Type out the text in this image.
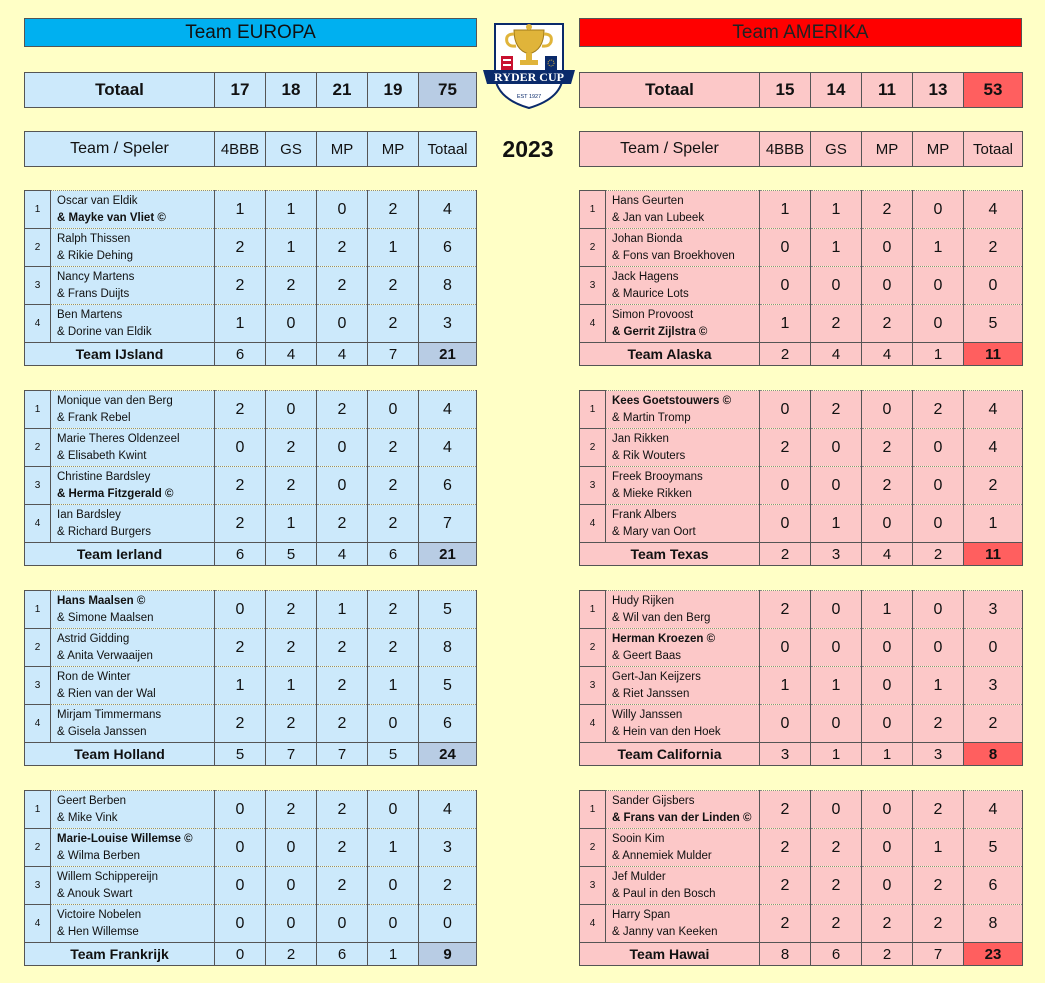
Team EUROPA	Team AMERIKA
RYDER CUP
EST 1927
2023
Totaal	17	18	21	19	75
Team / Speler	4BBB	GS	MP	MP	Totaal
1	Oscar van Eldik
& Mayke van Vliet ©	1	1	0	2	4
2	Ralph Thissen
& Rikie Dehing	2	1	2	1	6
3	Nancy Martens
& Frans Duijts	2	2	2	2	8
4	Ben Martens
& Dorine van Eldik	1	0	0	2	3
Team IJsland		6	4	4	7	21
1	Monique van den Berg
& Frank Rebel	2	0	2	0	4
2	Marie Theres Oldenzeel
& Elisabeth Kwint	0	2	0	2	4
3	Christine Bardsley
& Herma Fitzgerald ©	2	2	0	2	6
4	Ian Bardsley
& Richard Burgers	2	1	2	2	7
Team Ierland		6	5	4	6	21
1	Hans Maalsen ©
& Simone Maalsen	0	2	1	2	5
2	Astrid Gidding
& Anita Verwaaijen	2	2	2	2	8
3	Ron de Winter
& Rien van der Wal	1	1	2	1	5
4	Mirjam Timmermans
& Gisela Janssen	2	2	2	0	6
Team Holland		5	7	7	5	24
1	Geert Berben
& Mike Vink	0	2	2	0	4
2	Marie-Louise Willemse ©
& Wilma Berben	0	0	2	1	3
3	Willem Schippereijn
& Anouk Swart	0	0	2	0	2
4	Victoire Nobelen
& Hen Willemse	0	0	0	0	0
Team Frankrijk		0	2	6	1	9
Totaal	15	14	11	13	53
Team / Speler	4BBB	GS	MP	MP	Totaal
1	Hans Geurten
& Jan van Lubeek	1	1	2	0	4
2	Johan Bionda
& Fons van Broekhoven	0	1	0	1	2
3	Jack Hagens
& Maurice Lots	0	0	0	0	0
4	Simon Provoost
& Gerrit Zijlstra ©	1	2	2	0	5
Team Alaska		2	4	4	1	11
1	Kees Goetstouwers ©
& Martin Tromp	0	2	0	2	4
2	Jan Rikken
& Rik Wouters	2	0	2	0	4
3	Freek Brooymans
& Mieke Rikken	0	0	2	0	2
4	Frank Albers
& Mary van Oort	0	1	0	0	1
Team Texas		2	3	4	2	11
1	Hudy Rijken
& Wil van den Berg	2	0	1	0	3
2	Herman Kroezen ©
& Geert Baas	0	0	0	0	0
3	Gert-Jan Keijzers
& Riet Janssen	1	1	0	1	3
4	Willy Janssen
& Hein van den Hoek	0	0	0	2	2
Team California		3	1	1	3	8
1	Sander Gijsbers
& Frans van der Linden ©	2	0	0	2	4
2	Sooin Kim
& Annemiek Mulder	2	2	0	1	5
3	Jef Mulder
& Paul in den Bosch	2	2	0	2	6
4	Harry Span
& Janny van Keeken	2	2	2	2	8
Team Hawai		8	6	2	7	23
